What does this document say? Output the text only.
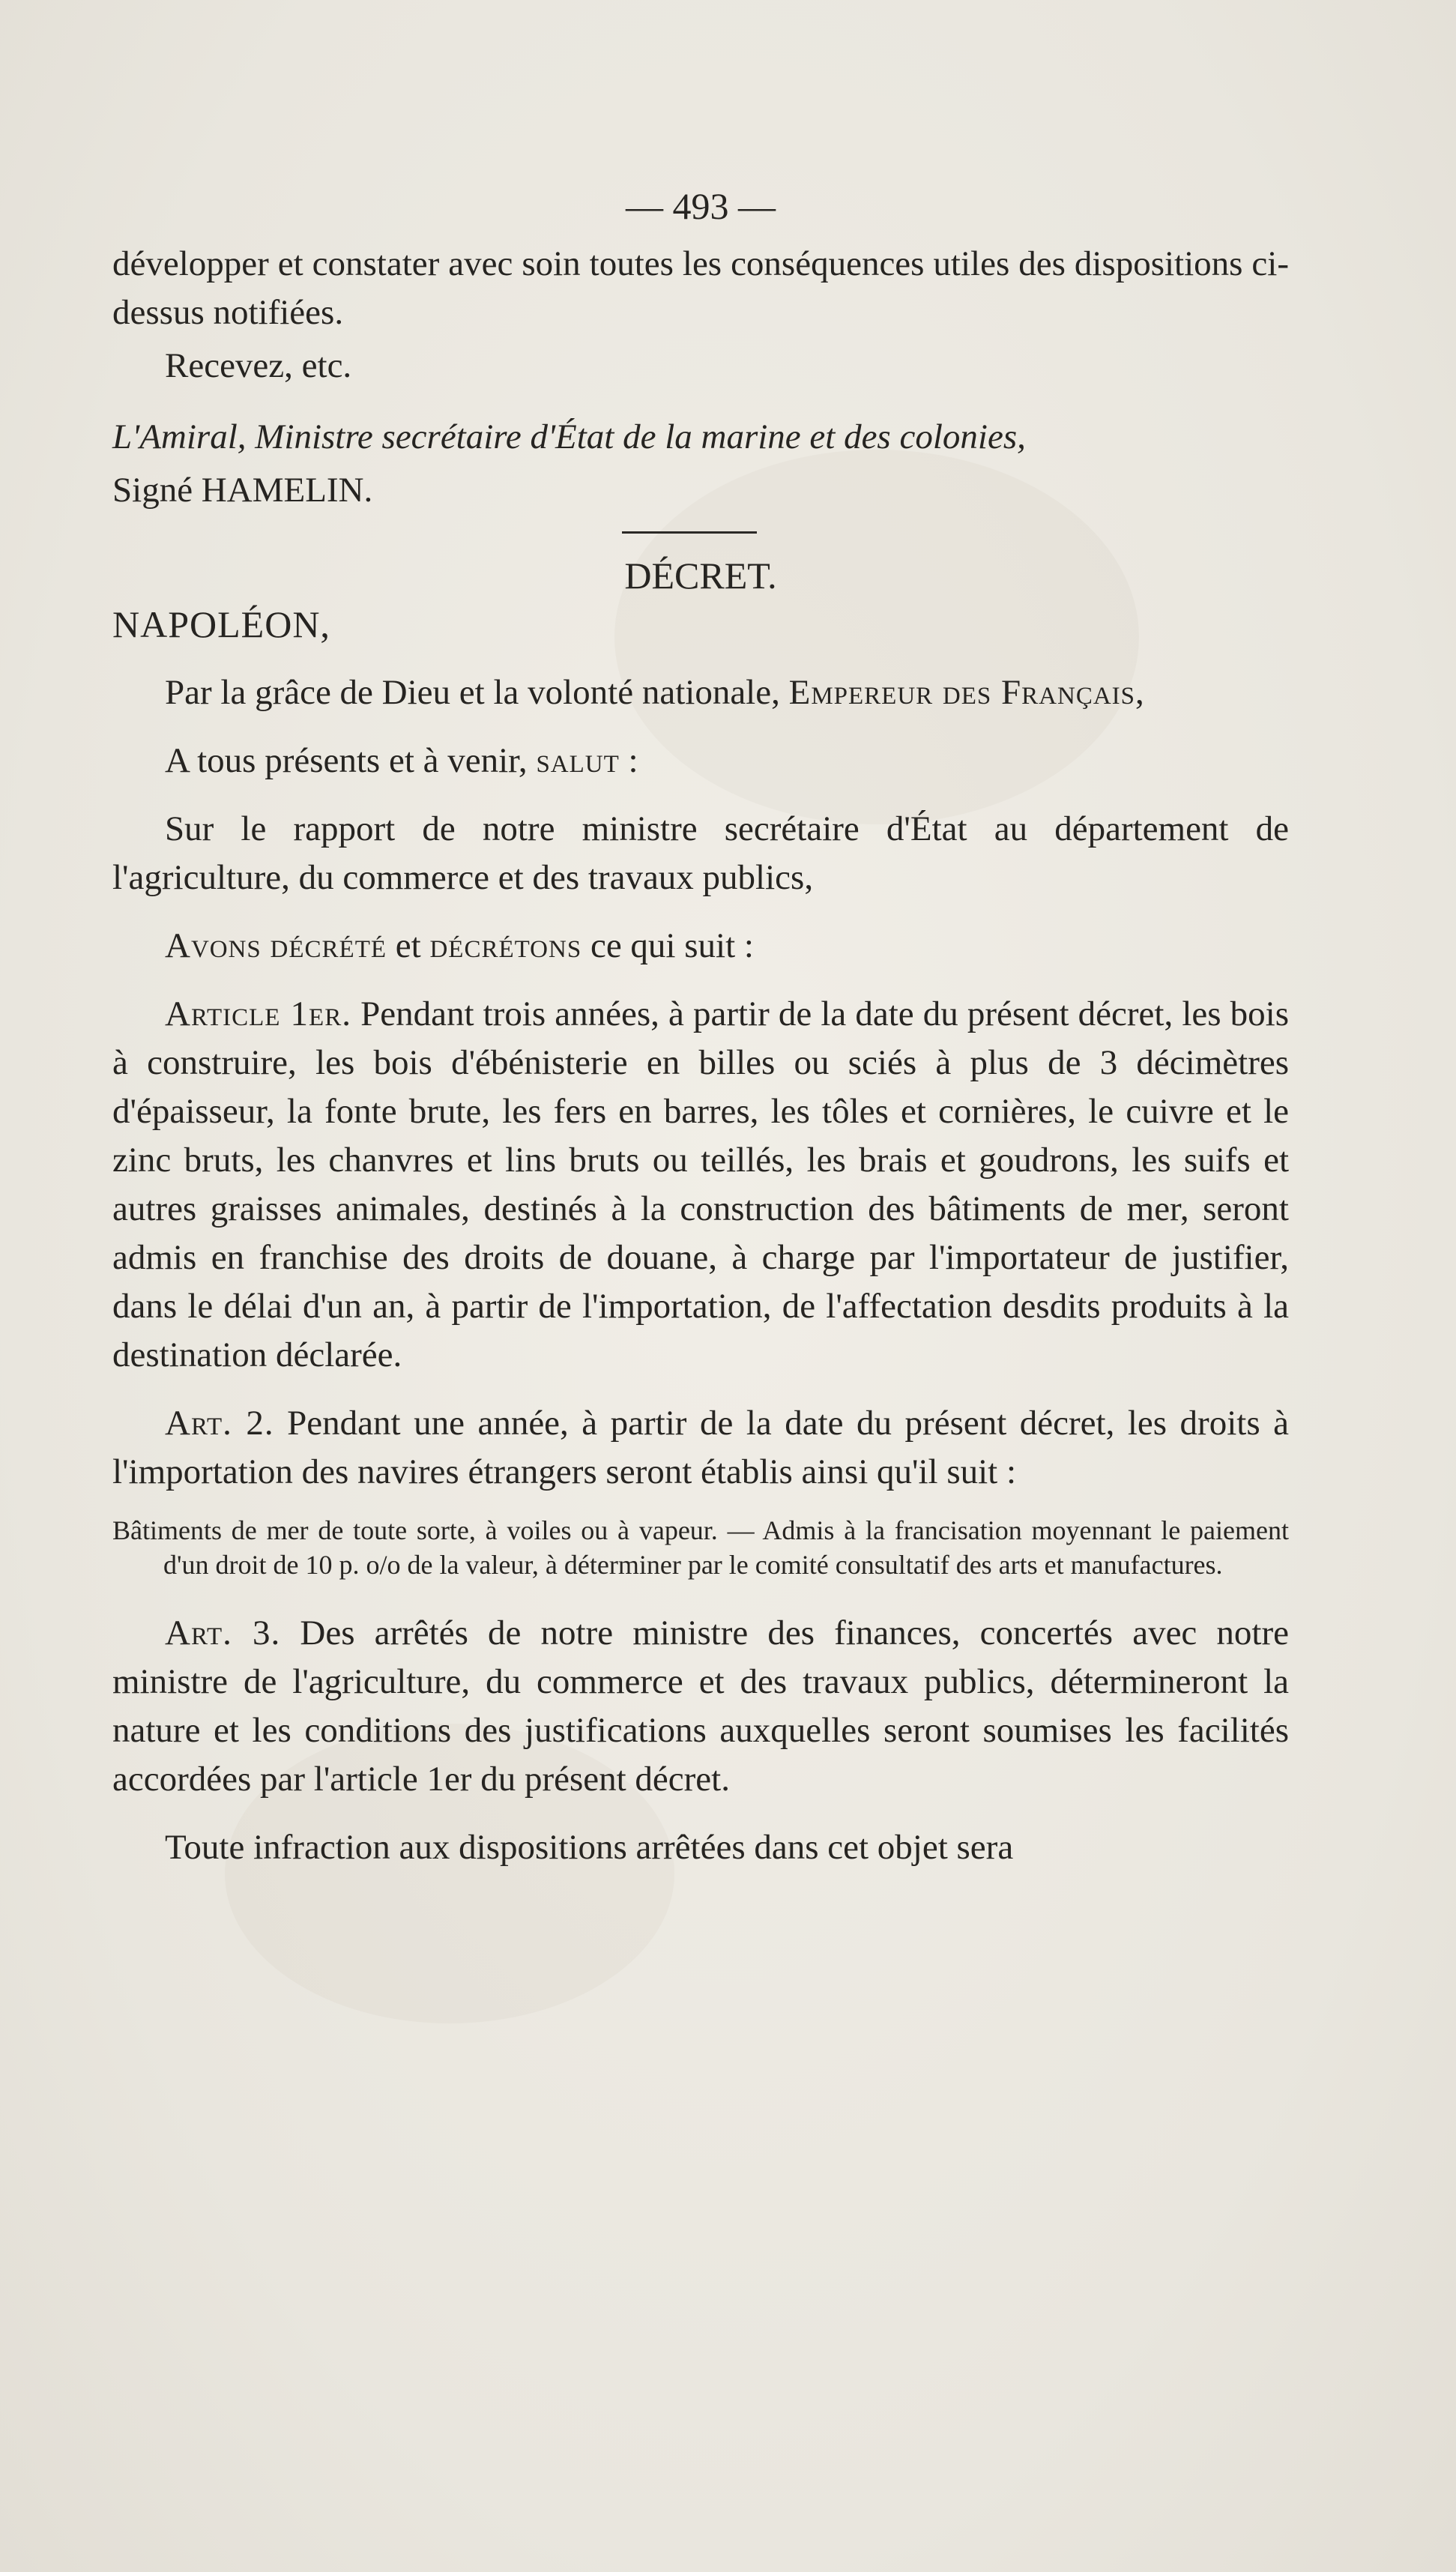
— 493 —

développer et constater avec soin toutes les conséquences utiles des dispositions ci-dessus notifiées.

Recevez, etc.

L'Amiral, Ministre secrétaire d'État de la marine et des colonies,

Signé HAMELIN.

DÉCRET.

NAPOLÉON,

Par la grâce de Dieu et la volonté nationale, Empereur des Français,

A tous présents et à venir, salut :

Sur le rapport de notre ministre secrétaire d'État au département de l'agriculture, du commerce et des travaux publics,

Avons décrété et décrétons ce qui suit :

Article 1er. Pendant trois années, à partir de la date du présent décret, les bois à construire, les bois d'ébénisterie en billes ou sciés à plus de 3 décimètres d'épaisseur, la fonte brute, les fers en barres, les tôles et cornières, le cuivre et le zinc bruts, les chanvres et lins bruts ou teillés, les brais et goudrons, les suifs et autres graisses animales, destinés à la construction des bâtiments de mer, seront admis en franchise des droits de douane, à charge par l'importateur de justifier, dans le délai d'un an, à partir de l'importation, de l'affectation desdits produits à la destination déclarée.

Art. 2. Pendant une année, à partir de la date du présent décret, les droits à l'importation des navires étrangers seront établis ainsi qu'il suit :

Bâtiments de mer de toute sorte, à voiles ou à vapeur. — Admis à la francisation moyennant le paiement d'un droit de 10 p. o/o de la valeur, à déterminer par le comité consultatif des arts et manufactures.

Art. 3. Des arrêtés de notre ministre des finances, concertés avec notre ministre de l'agriculture, du commerce et des travaux publics, détermineront la nature et les conditions des justifications auxquelles seront soumises les facilités accordées par l'article 1er du présent décret.

Toute infraction aux dispositions arrêtées dans cet objet sera
